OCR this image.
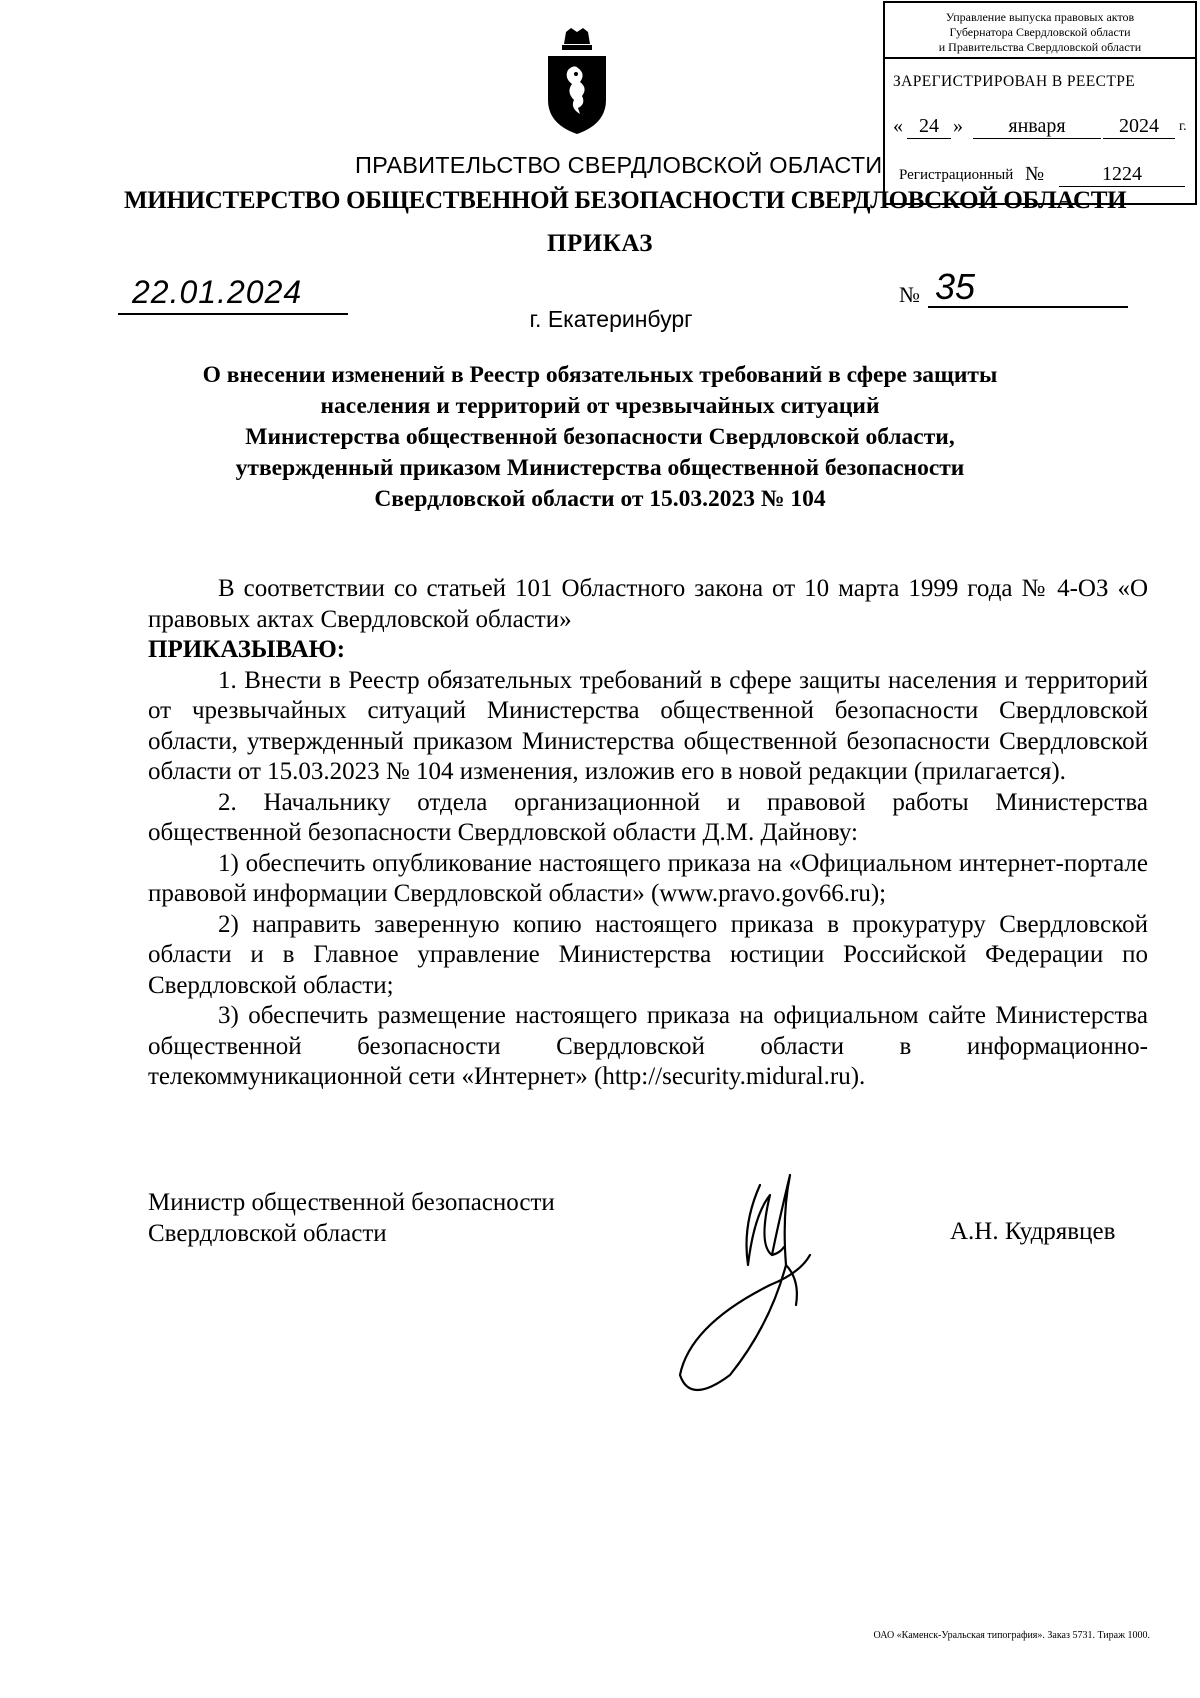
Управление выпуска правовых актов
Губернатора Свердловской области
и Правительства Свердловской области
ЗАРЕГИСТРИРОВАН В РЕЕСТРЕ
« 24 »	января	2024	г.
Регистрационный №	1224
ПРАВИТЕЛЬСТВО СВЕРДЛОВСКОЙ ОБЛАСТИ
МИНИСТЕРСТВО ОБЩЕСТВЕННОЙ БЕЗОПАСНОСТИ СВЕРДЛОВСКОЙ ОБЛАСТИ
ПРИКАЗ
22.01.2024	№ 35
г. Екатеринбург
О внесении изменений в Реестр обязательных требований в сфере защиты
населения и территорий от чрезвычайных ситуаций
Министерства общественной безопасности Свердловской области,
утвержденный приказом Министерства общественной безопасности
Свердловской области от 15.03.2023 № 104

В соответствии со статьей 101 Областного закона от 10 марта 1999 года № 4-ОЗ «О правовых актах Свердловской области»

ПРИКАЗЫВАЮ:

1. Внести в Реестр обязательных требований в сфере защиты населения и территорий от чрезвычайных ситуаций Министерства общественной безопасности Свердловской области, утвержденный приказом Министерства общественной безопасности Свердловской области от 15.03.2023 № 104 изменения, изложив его в новой редакции (прилагается).

2. Начальнику отдела организационной и правовой работы Министерства общественной безопасности Свердловской области Д.М. Дайнову:

1) обеспечить опубликование настоящего приказа на «Официальном интернет-портале правовой информации Свердловской области» (www.pravo.gov66.ru);

2) направить заверенную копию настоящего приказа в прокуратуру Свердловской области и в Главное управление Министерства юстиции Российской Федерации по Свердловской области;

3) обеспечить размещение настоящего приказа на официальном сайте Министерства общественной безопасности Свердловской области в информационно-телекоммуникационной сети «Интернет» (http://security.midural.ru).

Министр общественной безопасности
Свердловской области	А.Н. Кудрявцев
ОАО «Каменск-Уральская типография». Заказ 5731. Тираж 1000.
